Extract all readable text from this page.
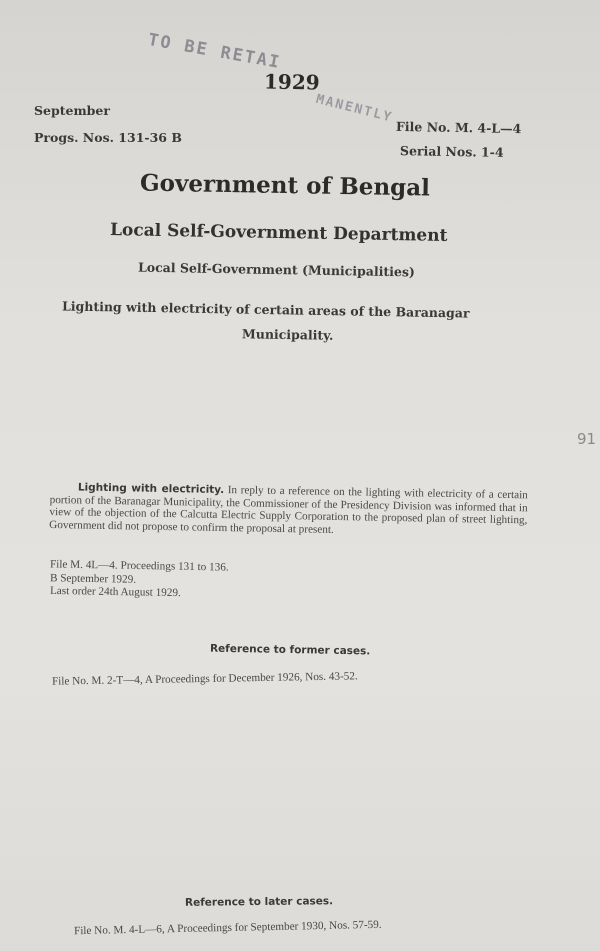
TO BE RETAI
MANENTLY
1929
September
Progs. Nos. 131-36 B
File No. M. 4-L—4
Serial Nos. 1-4
Government of Bengal
Local Self-Government Department
Local Self-Government (Municipalities)
Lighting with electricity of certain areas of the Baranagar
Municipality.
91
Lighting with electricity. In reply to a reference on the lighting with electricity of a certain portion of the Baranagar Municipality, the Commissioner of the Presidency Division was informed that in view of the objection of the Calcutta Electric Supply Corporation to the proposed plan of street lighting, Government did not propose to confirm the proposal at present.
File M. 4L—4. Proceedings 131 to 136.
B September 1929.
Last order 24th August 1929.
Reference to former cases.
File No. M. 2-T—4, A Proceedings for December 1926, Nos. 43-52.
Reference to later cases.
File No. M. 4-L—6, A Proceedings for September 1930, Nos. 57-59.
